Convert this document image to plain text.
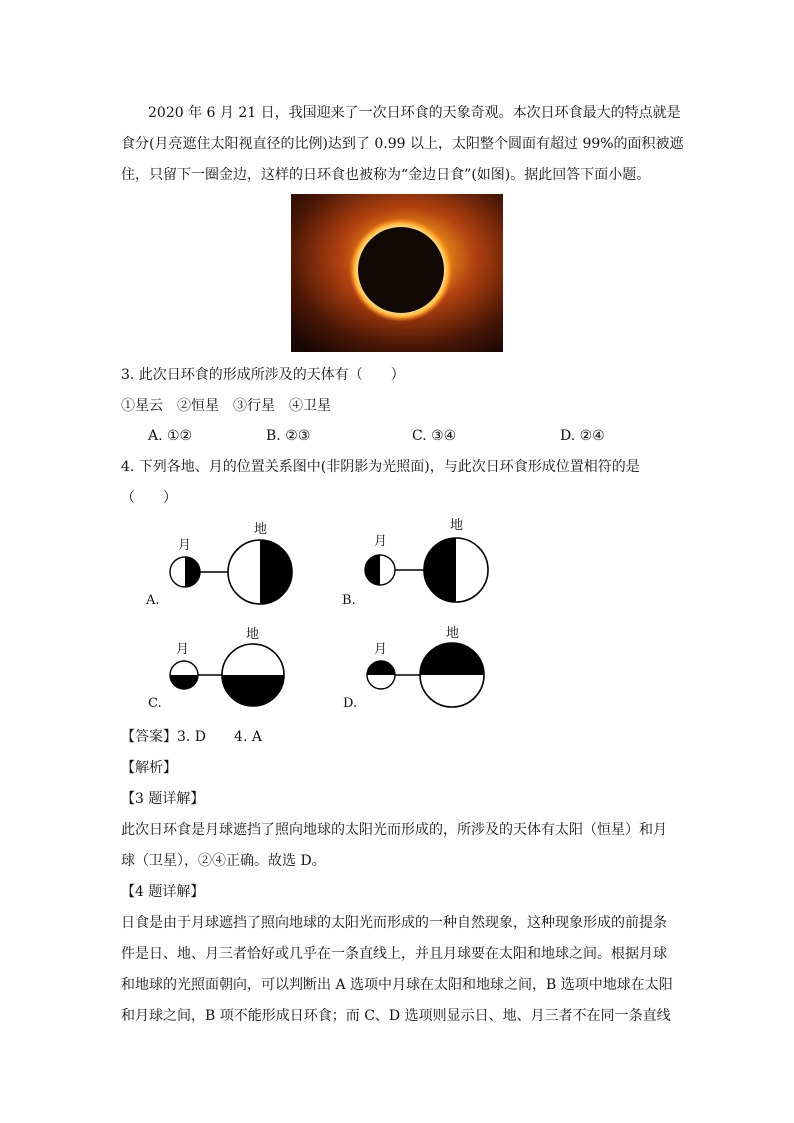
2020 年 6 月 21 日，我国迎来了一次日环食的天象奇观。本次日环食最大的特点就是
食分(月亮遮住太阳视直径的比例)达到了 0.99 以上，太阳整个圆面有超过 99%的面积被遮
住，只留下一圈金边，这样的日环食也被称为“金边日食”(如图)。据此回答下面小题。
3. 此次日环食的形成所涉及的天体有（　　）
①星云　②恒星　③行星　④卫星
A. ①②	B. ②③	C. ③④	D. ②④
4. 下列各地、月的位置关系图中(非阴影为光照面)，与此次日环食形成位置相符的是
（　　）
月
地
A.
月
地
B.
月
地
C.
月
地
D.
【答案】3. D　　4. A
【解析】
【3 题详解】
此次日环食是月球遮挡了照向地球的太阳光而形成的，所涉及的天体有太阳（恒星）和月
球（卫星），②④正确。故选 D。
【4 题详解】
日食是由于月球遮挡了照向地球的太阳光而形成的一种自然现象，这种现象形成的前提条
件是日、地、月三者恰好或几乎在一条直线上，并且月球要在太阳和地球之间。根据月球
和地球的光照面朝向，可以判断出 A 选项中月球在太阳和地球之间，B 选项中地球在太阳
和月球之间，B 项不能形成日环食；而 C、D 选项则显示日、地、月三者不在同一条直线
